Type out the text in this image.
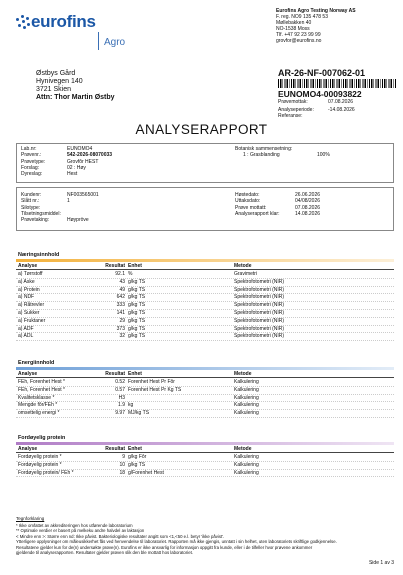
eurofins
Agro
Eurofins Agro Testing Norway AS
F. reg. NO9 135 478 53
Møllebakken 40
NO-1538 Moss
Tlf. +47 92 23 99 99
grovfor@eurofins.no
Østbys Gård
Hynivegen 140
3721 Skien
Attn: Thor Martin Østby
AR-26-NF-007062-01
EUNOMO4-00093822
Prøvemottak:	07.08.2026
Analyseperiode:	-14.08.2026
Referanse:
ANALYSERAPPORT
Lab.nr:	EUNOMO4
Prøvenr.:	542-2026-08070033
Prøvetype:	Grovfôr HEST
Forslag:	02 : Høy
Dyreslag:	Hest
Botanisk sammensetning:
1 : Grasblanding	100%
Kundenr:	NF003565001
Slått nr.:	1
Silotype:
Tilsetningsmiddel:
Prøvetaking:	Høypröve
Høstedato:	26.06.2026
Uttaksdato:	04/08/2026
Prøve mottatt:	07.08.2026
Analyserapport klar:	14.08.2026
Næringsinnhold
Analyse	Resultat Enhet	Metode
a) Tørrstoff	92.1 %	Gravimetri
a) Aske	43 g/kg TS	Spektrofotometri (NIR)
a) Protein	49 g/kg TS	Spektrofotometri (NIR)
a) NDF	642 g/kg TS	Spektrofotometri (NIR)
a) Råtrevler	333 g/kg TS	Spektrofotometri (NIR)
a) Sukker	141 g/kg TS	Spektrofotometri (NIR)
a) Fruktaner	29 g/kg TS	Spektrofotometri (NIR)
a) ADF	373 g/kg TS	Spektrofotometri (NIR)
a) ADL	32 g/kg TS	Spektrofotometri (NIR)
Energiinnhold
Analyse	Resultat Enhet	Metode
FEh, Forenhet Hest *	0.52 Forenhet Hest Pr Fôr	Kalkulering
FEh, Forenhet Hest *	0.57 Forenhet Hest Pr Kg TS	Kalkulering
Kvalitetsklasse *	H3	Kalkulering
Mengde fôr/FEh *	1.9 kg	Kalkulering
omsettelig energi *	9.97 MJ/kg TS	Kalkulering
Fordøyelig protein
Analyse	Resultat Enhet	Metode
Fordøyelig protein *	9 g/kg Fôr	Kalkulering
Fordøyelig protein *	10 g/kg TS	Kalkulering
Fordøyelig protein/ FEh *	18 g/Forenhet Hest	Kalkulering
Tegnforklaring
* Ikke omfattet av akkrediteringen hos utførende laboratorium
** Optimale verdier er basert på melkeku andre halvdel av laktasjon
< Mindre enn >: Større enn nd: Ikke påvist. Bakteriologiske resultater angitt som <1,<50 e.l. betyr 'ikke påvist'.
Ytterligere opplysninger om måleusikkerhet fås ved henvendelse til laboratoriet. Rapporten må ikke gjengis, unntatt i sin helhet, uten laboratoriets skriftlige godkjennelse.
Resultatene gjelder kun for de(n) undersøkte prøve(n). Eurofins er ikke ansvarlig for informasjon oppgitt fra kunde, eller i de tilfeller hvor prøvene ankommer
gjeldende til analyserapporten. Resultater gjelder prøven slik den ble mottatt hos laboratoriet.
Side 1 av 3
